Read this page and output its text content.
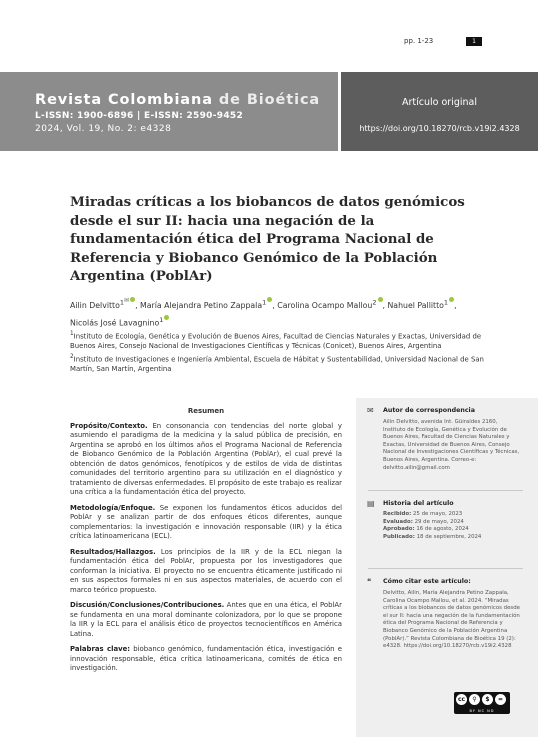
pp. 1-23	1
Revista Colombiana de Bioética
L-ISSN: 1900-6896 | E-ISSN: 2590-9452
2024, Vol. 19, No. 2: e4328
Artículo original
https://doi.org/10.18270/rcb.v19i2.4328
Miradas críticas a los biobancos de datos genómicos desde el sur II: hacia una negación de la fundamentación ética del Programa Nacional de Referencia y Biobanco Genómico de la Población Argentina (PoblAr)
Ailin Delvitto$^{1✉}$, María Alejandra Petino Zappala$^1$ , Carolina Ocampo Mallou$^2$ , Nahuel Pallitto$^1$ ,
Nicolás José Lavagnino$^1$
$^1$Instituto de Ecología, Genética y Evolución de Buenos Aires, Facultad de Ciencias Naturales y Exactas, Universidad de Buenos Aires, Consejo Nacional de Investigaciones Científicas y Técnicas (Conicet), Buenos Aires, Argentina
$^2$Instituto de Investigaciones e Ingeniería Ambiental, Escuela de Hábitat y Sustentabilidad, Universidad Nacional de San Martín, San Martín, Argentina
Resumen

Propósito/Contexto. En consonancia con tendencias del norte global y asumiendo el paradigma de la medicina y la salud pública de precisión, en Argentina se aprobó en los últimos años el Programa Nacional de Referencia de Biobanco Genómico de la Población Argentina (PoblAr), el cual prevé la obtención de datos genómicos, fenotípicos y de estilos de vida de distintas comunidades del territorio argentino para su utilización en el diagnóstico y tratamiento de diversas enfermedades. El propósito de este trabajo es realizar una crítica a la fundamentación ética del proyecto.

Metodología/Enfoque. Se exponen los fundamentos éticos aducidos del PoblAr y se analizan partir de dos enfoques éticos diferentes, aunque complementarios: la investigación e innovación responsable (IIR) y la ética crítica latinoamericana (ECL).

Resultados/Hallazgos. Los principios de la IIR y de la ECL niegan la fundamentación ética del PoblAr, propuesta por los investigadores que conforman la iniciativa. El proyecto no se encuentra éticamente justificado ni en sus aspectos formales ni en sus aspectos materiales, de acuerdo con el marco teórico propuesto.

Discusión/Conclusiones/Contribuciones. Antes que en una ética, el PoblAr se fundamenta en una moral dominante colonizadora, por lo que se propone la IIR y la ECL para el análisis ético de proyectos tecnocientíficos en América Latina.

Palabras clave: biobanco genómico, fundamentación ética, investigación e innovación responsable, ética crítica latinoamericana, comités de ética en investigación.

✉ Autor de correspondencia
Ailin Delvitto, avenida Int. Güiraldes 2160, Instituto de Ecología, Genética y Evolución de Buenos Aires, Facultad de Ciencias Naturales y Exactas, Universidad de Buenos Aires, Consejo Nacional de Investigaciones Científicas y Técnicas, Buenos Aires, Argentina. Correo-e: delvitto.ailin@gmail.com
▤ Historia del artículo
Recibido: 25 de mayo, 2023
Evaluado: 29 de mayo, 2024
Aprobado: 16 de agosto, 2024
Publicado: 18 de septiembre, 2024
❝ Cómo citar este artículo:
Delvitto, Ailin, María Alejandra Petino Zappala, Carolina Ocampo Mallou, et al. 2024. “Miradas críticas a los biobancos de datos genómicos desde el sur II: hacia una negación de la fundamentación ética del Programa Nacional de Referencia y Biobanco Genómico de la Población Argentina (PoblAr).” Revista Colombiana de Bioética 19 (2): e4328. https://doi.org/10.18270/rcb.v19i2.4328
cc	⚲	$	=
BY NC ND
